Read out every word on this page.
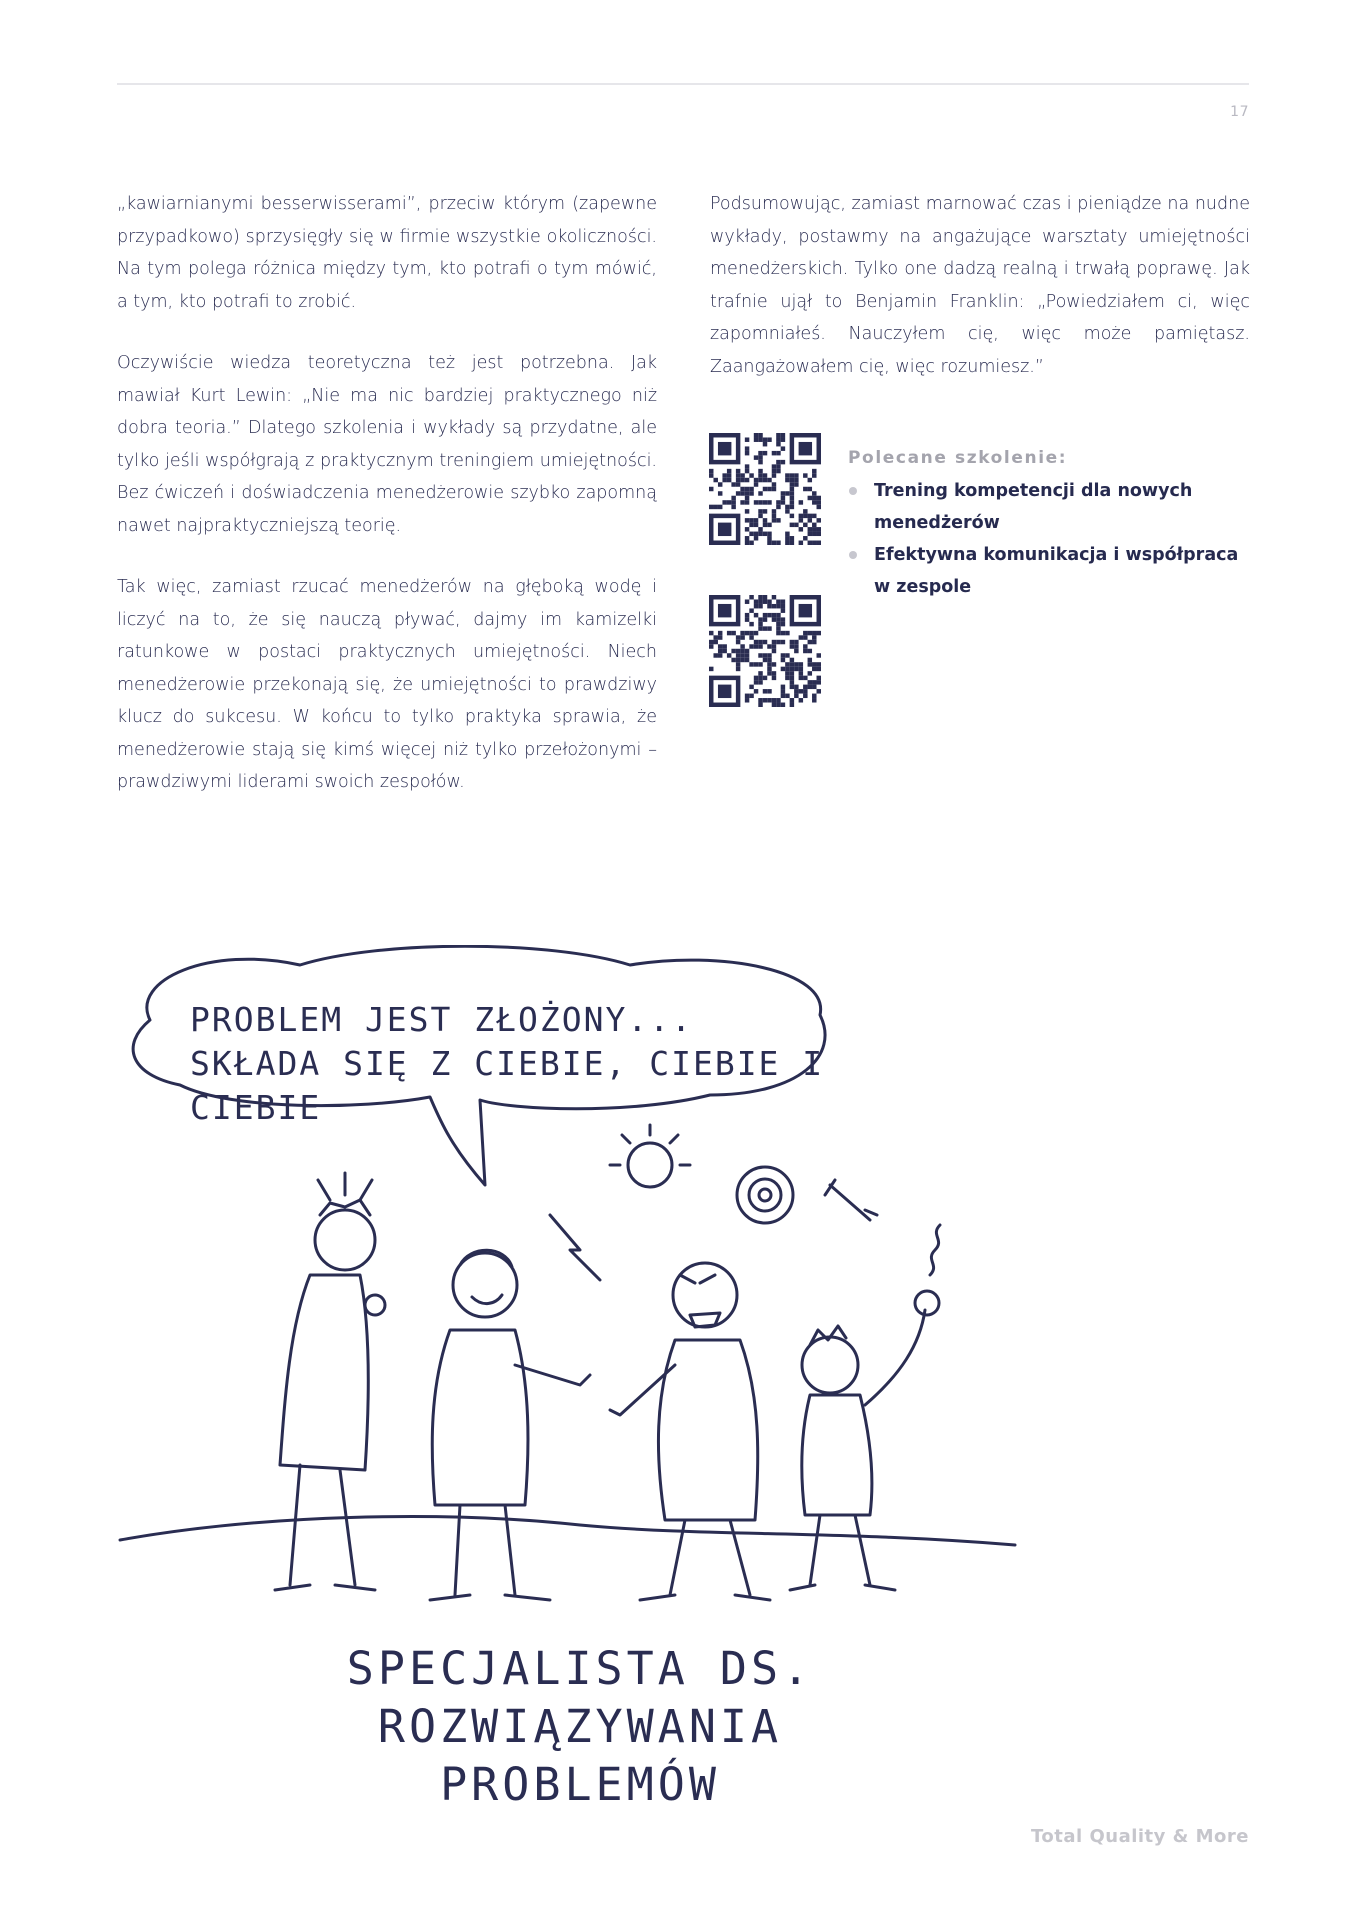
17

„kawiarnianymi besserwisserami”, przeciw którym (zapewne przypadkowo) sprzysięgły się w firmie wszystkie okoliczności. Na tym polega różnica między tym, kto potrafi o tym mówić, a tym, kto potrafi to zrobić.

Oczywiście wiedza teoretyczna też jest potrzebna. Jak mawiał Kurt Lewin: „Nie ma nic bardziej praktycznego niż dobra teoria.” Dlatego szkolenia i wykłady są przydatne, ale tylko jeśli współgrają z praktycznym treningiem umiejętności. Bez ćwiczeń i doświadczenia menedżerowie szybko zapomną nawet najpraktyczniejszą teorię.

Tak więc, zamiast rzucać menedżerów na głęboką wodę i liczyć na to, że się nauczą pływać, dajmy im kamizelki ratunkowe w postaci praktycznych umiejętności. Niech menedżerowie przekonają się, że umiejętności to prawdziwy klucz do sukcesu. W końcu to tylko praktyka sprawia, że menedżerowie stają się kimś więcej niż tylko przełożonymi – prawdziwymi liderami swoich zespołów.

Podsumowując, zamiast marnować czas i pieniądze na nudne wykłady, postawmy na angażujące warsztaty umiejętności menedżerskich. Tylko one dadzą realną i trwałą poprawę. Jak trafnie ujął to Benjamin Franklin: „Powiedziałem ci, więc zapomniałeś. Nauczyłem cię, więc może pamiętasz. Zaangażowałem cię, więc rozumiesz.”

Polecane szkolenie:
Trening kompetencji dla nowych menedżerów
Efektywna komunikacja i współpraca w zespole
PROBLEM JEST ZŁOŻONY...
SKŁADA SIĘ Z CIEBIE, CIEBIE I CIEBIE
SPECJALISTA DS. ROZWIĄZYWANIA
PROBLEMÓW
Total Quality & More
